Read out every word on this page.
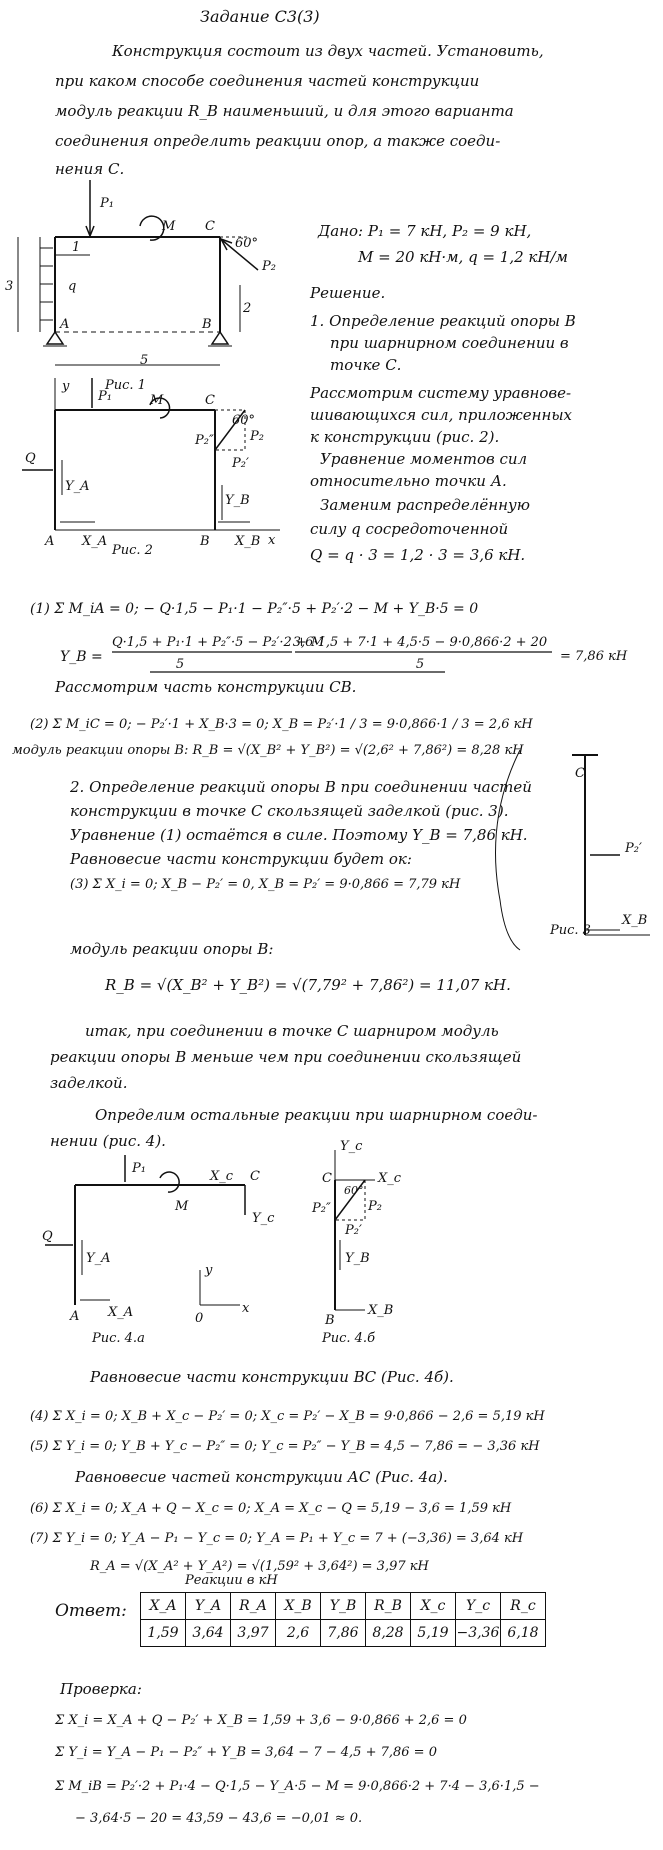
Задание С3(3)
Конструкция состоит из двух частей. Установить,
при каком способе соединения частей конструкции
модуль реакции R_B наименьший, и для этого варианта
соединения определить реакции опор, а также соеди-
нения С.
P₁
M C
60°
P₂
1
3
2
5
q
A	B
Рис. 1
y
P₁	M	C
60°
P₂″	P₂
P₂′
Q
Y_A
Y_B
A X_A	B X_B x
Рис. 2
Дано: P₁ = 7 кН, P₂ = 9 кН,
M = 20 кН·м, q = 1,2 кН/м
Решение.
1. Определение реакций опоры В
при шарнирном соединении в
точке С.
Рассмотрим систему уравнове-
шивающихся сил, приложенных
к конструкции (рис. 2).
Уравнение моментов сил
относительно точки А.
Заменим распределённую
силу q сосредоточенной
Q = q · 3 = 1,2 · 3 = 3,6 кН.
(1) Σ M_iA = 0; − Q·1,5 − P₁·1 − P₂″·5 + P₂′·2 − M + Y_B·5 = 0
Y_B =
Q·1,5 + P₁·1 + P₂″·5 − P₂′·2 + M
5
3,6·1,5 + 7·1 + 4,5·5 − 9·0,866·2 + 20
5
= 7,86 кН
Рассмотрим часть конструкции СВ.
(2) Σ M_iC = 0; − P₂′·1 + X_B·3 = 0; X_B = P₂′·1 / 3 = 9·0,866·1 / 3 = 2,6 кН
модуль реакции опоры В: R_B = √(X_B² + Y_B²) = √(2,6² + 7,86²) = 8,28 кН
2. Определение реакций опоры В при соединении частей
конструкции в точке С скользящей заделкой (рис. 3).
Уравнение (1) остаётся в силе. Поэтому Y_B = 7,86 кН.
Равновесие части конструкции будет ок:
(3) Σ X_i = 0; X_B − P₂′ = 0, X_B = P₂′ = 9·0,866 = 7,79 кН
C
P₂′
X_B
Рис. 3
модуль реакции опоры В:
R_B = √(X_B² + Y_B²) = √(7,79² + 7,86²) = 11,07 кН.
итак, при соединении в точке С шарниром модуль
реакции опоры В меньше чем при соединении скользящей
заделкой.
Определим остальные реакции при шарнирном соеди-
нении (рис. 4).
P₁
M
X_c C
Y_c
Q
Y_A
A X_A
y
0
x
Рис. 4.а
Y_c
C	X_c
60°
P₂″	P₂
P₂′
Y_B
B
X_B
Рис. 4.б
Равновесие части конструкции ВС (Рис. 4б).
(4) Σ X_i = 0; X_B + X_c − P₂′ = 0; X_c = P₂′ − X_B = 9·0,866 − 2,6 = 5,19 кН
(5) Σ Y_i = 0; Y_B + Y_c − P₂″ = 0; Y_c = P₂″ − Y_B = 4,5 − 7,86 = − 3,36 кН
Равновесие частей конструкции АС (Рис. 4а).
(6) Σ X_i = 0; X_A + Q − X_c = 0; X_A = X_c − Q = 5,19 − 3,6 = 1,59 кН
(7) Σ Y_i = 0; Y_A − P₁ − Y_c = 0; Y_A = P₁ + Y_c = 7 + (−3,36) = 3,64 кН
R_A = √(X_A² + Y_A²) = √(1,59² + 3,64²) = 3,97 кН
Реакции в кН
Ответ: X_A	Y_A	R_A	X_B	Y_B	R_B	X_c	Y_c	R_c
1,59	3,64	3,97	2,6	7,86	8,28	5,19	−3,36	6,18
Проверка:
Σ X_i = X_A + Q − P₂′ + X_B = 1,59 + 3,6 − 9·0,866 + 2,6 = 0
Σ Y_i = Y_A − P₁ − P₂″ + Y_B = 3,64 − 7 − 4,5 + 7,86 = 0
Σ M_iB = P₂′·2 + P₁·4 − Q·1,5 − Y_A·5 − M = 9·0,866·2 + 7·4 − 3,6·1,5 −
− 3,64·5 − 20 = 43,59 − 43,6 = −0,01 ≈ 0.
